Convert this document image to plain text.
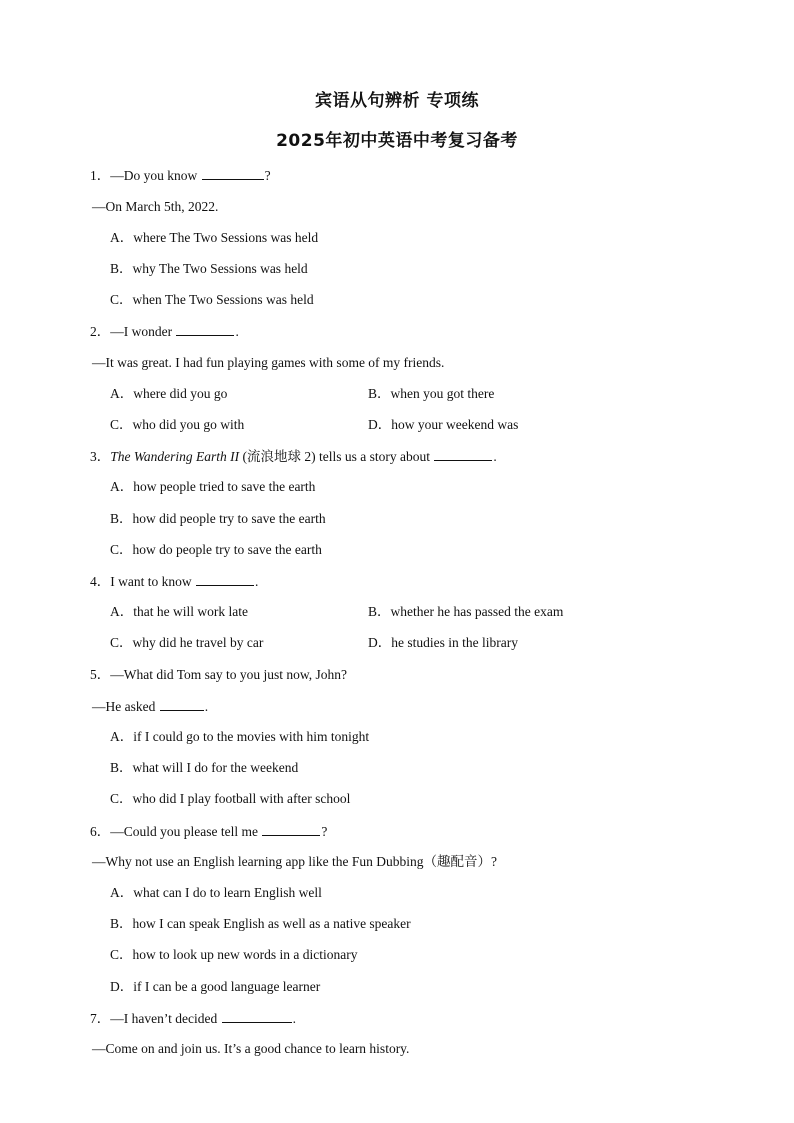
宾语从句辨析 专项练
2025年初中英语中考复习备考
1．—Do you know	?
—On March 5th, 2022.
A．where The Two Sessions was held
B．why The Two Sessions was held
C．when The Two Sessions was held
2．—I wonder	.
—It was great. I had fun playing games with some of my friends.
A．where did you go	B．when you got there
C．who did you go with	D．how your weekend was
3．The Wandering Earth II (流浪地球 2) tells us a story about	.
A．how people tried to save the earth
B．how did people try to save the earth
C．how do people try to save the earth
4．I want to know	.
A．that he will work late	B．whether he has passed the exam
C．why did he travel by car	D．he studies in the library
5．—What did Tom say to you just now, John?
—He asked	.
A．if I could go to the movies with him tonight
B．what will I do for the weekend
C．who did I play football with after school
6．—Could you please tell me	?
—Why not use an English learning app like the Fun Dubbing（趣配音）?
A．what can I do to learn English well
B．how I can speak English as well as a native speaker
C．how to look up new words in a dictionary
D．if I can be a good language learner
7．—I haven’t decided	.
—Come on and join us. It’s a good chance to learn history.
